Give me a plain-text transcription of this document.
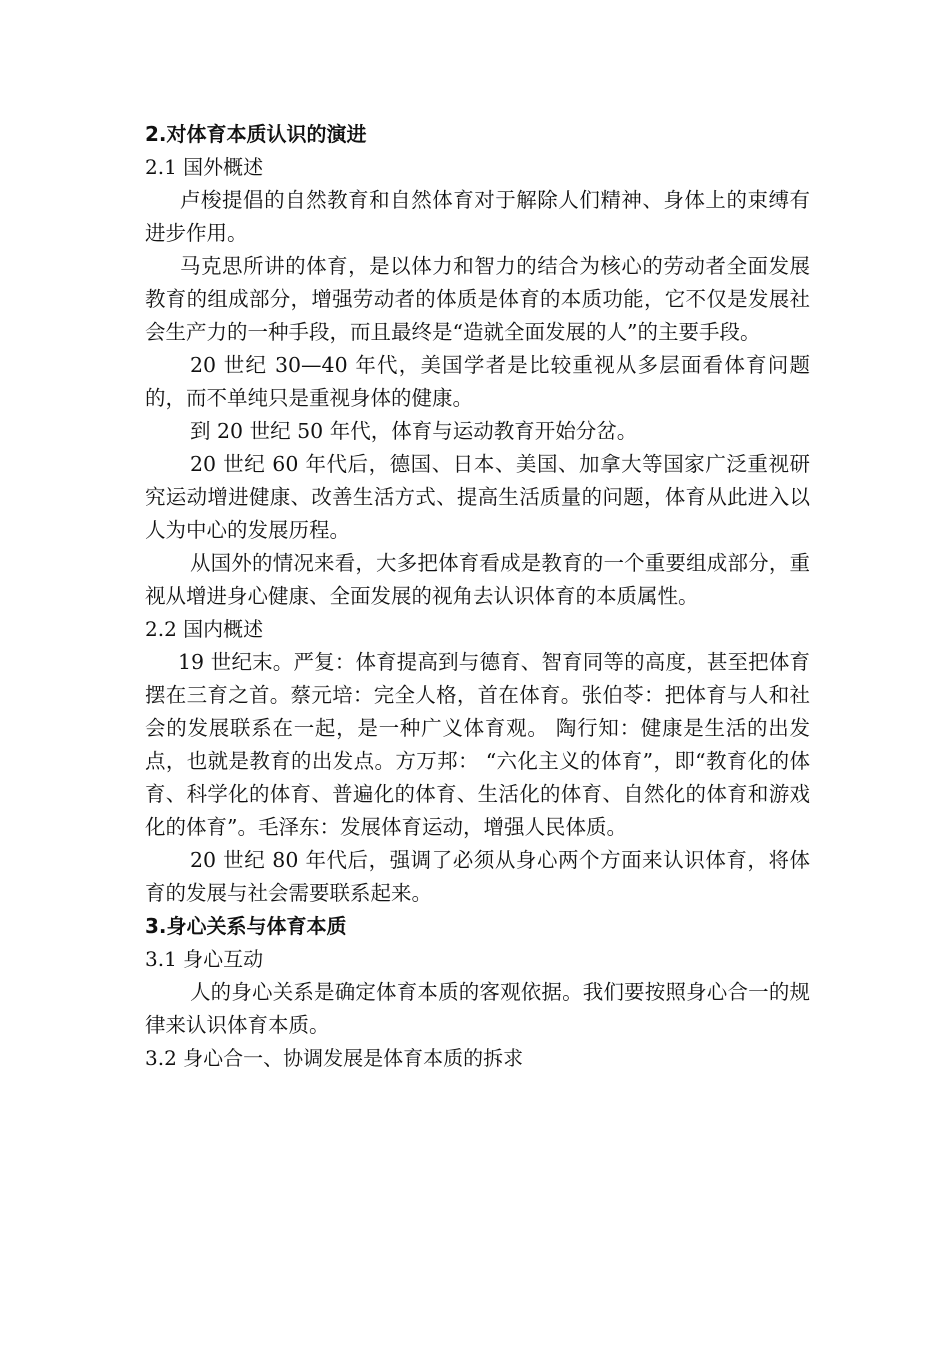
2.对体育本质认识的演进
2.1 国外概述

卢梭提倡的自然教育和自然体育对于解除人们精神、身体上的束缚有进步作用。

马克思所讲的体育，是以体力和智力的结合为核心的劳动者全面发展教育的组成部分，增强劳动者的体质是体育的本质功能，它不仅是发展社会生产力的一种手段，而且最终是“造就全面发展的人”的主要手段。

20 世纪 30—40 年代，美国学者是比较重视从多层面看体育问题的，而不单纯只是重视身体的健康。

到 20 世纪 50 年代，体育与运动教育开始分岔。

20 世纪 60 年代后，德国、日本、美国、加拿大等国家广泛重视研究运动增进健康、改善生活方式、提高生活质量的问题，体育从此进入以人为中心的发展历程。

从国外的情况来看，大多把体育看成是教育的一个重要组成部分，重视从增进身心健康、全面发展的视角去认识体育的本质属性。

2.2 国内概述

19 世纪末。严复：体育提高到与德育、智育同等的高度，甚至把体育摆在三育之首。蔡元培：完全人格，首在体育。张伯苓：把体育与人和社会的发展联系在一起，是一种广义体育观。 陶行知：健康是生活的出发点，也就是教育的出发点。方万邦： “六化主义的体育”，即“教育化的体育、科学化的体育、普遍化的体育、生活化的体育、自然化的体育和游戏化的体育”。毛泽东：发展体育运动，增强人民体质。

20 世纪 80 年代后，强调了必须从身心两个方面来认识体育，将体育的发展与社会需要联系起来。

3.身心关系与体育本质
3.1 身心互动

人的身心关系是确定体育本质的客观依据。我们要按照身心合一的规律来认识体育本质。

3.2 身心合一、协调发展是体育本质的拆求
